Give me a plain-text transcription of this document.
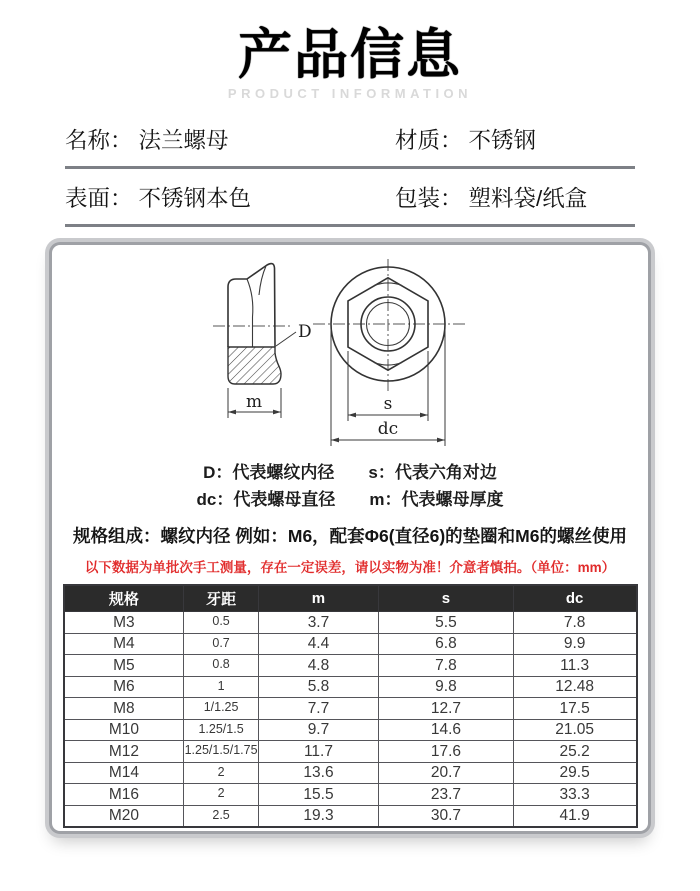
产品信息
PRODUCT INFORMATION
名称： 法兰螺母	材质： 不锈钢
表面： 不锈钢本色	包装： 塑料袋/纸盒
D
m	s
dc
D：代表螺纹内径 s：代表六角对边
dc：代表螺母直径 m：代表螺母厚度
规格组成：螺纹内径 例如：M6，配套Φ6(直径6)的垫圈和M6的螺丝使用
以下数据为单批次手工测量，存在一定误差，请以实物为准！介意者慎拍。（单位：mm）
规格	牙距	m	s	dc
M3	0.5	3.7	5.5	7.8
M4	0.7	4.4	6.8	9.9
M5	0.8	4.8	7.8	11.3
M6	1	5.8	9.8	12.48
M8	1/1.25	7.7	12.7	17.5
M10	1.25/1.5	9.7	14.6	21.05
M12	1.25/1.5/1.75	11.7	17.6	25.2
M14	2	13.6	20.7	29.5
M16	2	15.5	23.7	33.3
M20	2.5	19.3	30.7	41.9
